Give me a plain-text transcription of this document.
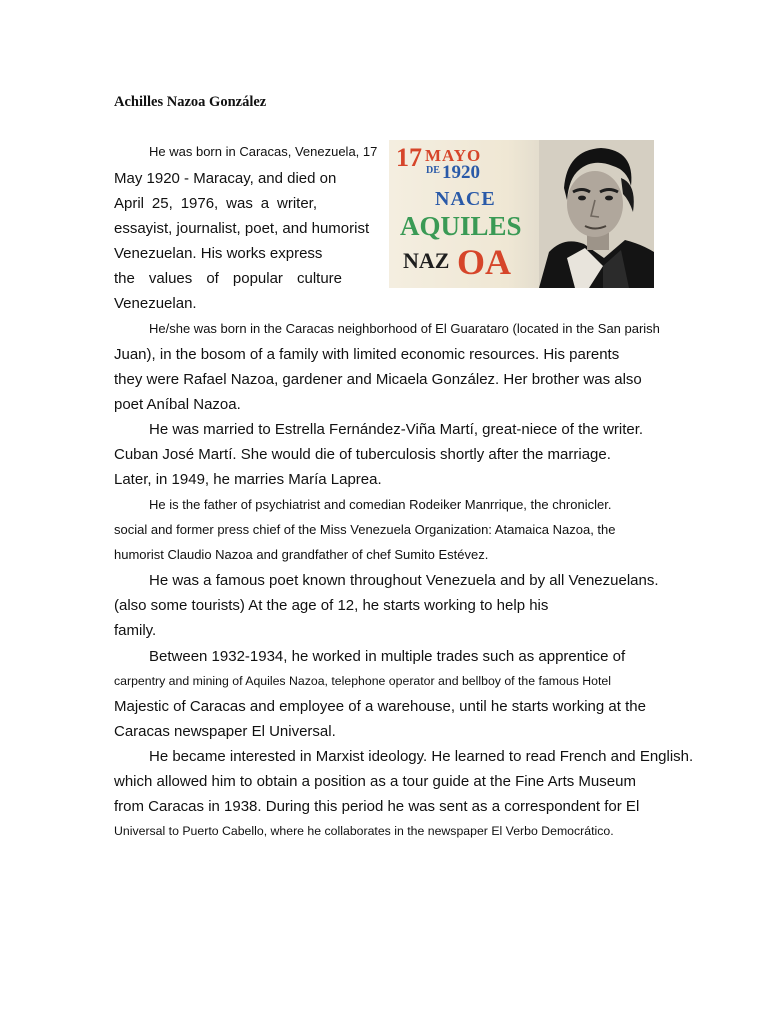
Achilles Nazoa González
17 MAYO
DE 1920
NACE
AQUILES
NAZ OA

He was born in Caracas, Venezuela, 17

May 1920 - Maracay, and died on

April 25, 1976, was a writer,

essayist, journalist, poet, and humorist

Venezuelan. His works express

the values of popular culture

Venezuelan.

He/she was born in the Caracas neighborhood of El Guarataro (located in the San parish

Juan), in the bosom of a family with limited economic resources. His parents

they were Rafael Nazoa, gardener and Micaela González. Her brother was also

poet Aníbal Nazoa.

He was married to Estrella Fernández-Viña Martí, great-niece of the writer.

Cuban José Martí. She would die of tuberculosis shortly after the marriage.

Later, in 1949, he marries María Laprea.

He is the father of psychiatrist and comedian Rodeiker Manrrique, the chronicler.

social and former press chief of the Miss Venezuela Organization: Atamaica Nazoa, the

humorist Claudio Nazoa and grandfather of chef Sumito Estévez.

He was a famous poet known throughout Venezuela and by all Venezuelans.

(also some tourists) At the age of 12, he starts working to help his

family.

Between 1932-1934, he worked in multiple trades such as apprentice of

carpentry and mining of Aquiles Nazoa, telephone operator and bellboy of the famous Hotel

Majestic of Caracas and employee of a warehouse, until he starts working at the

Caracas newspaper El Universal.

He became interested in Marxist ideology. He learned to read French and English.

which allowed him to obtain a position as a tour guide at the Fine Arts Museum

from Caracas in 1938. During this period he was sent as a correspondent for El

Universal to Puerto Cabello, where he collaborates in the newspaper El Verbo Democrático.
